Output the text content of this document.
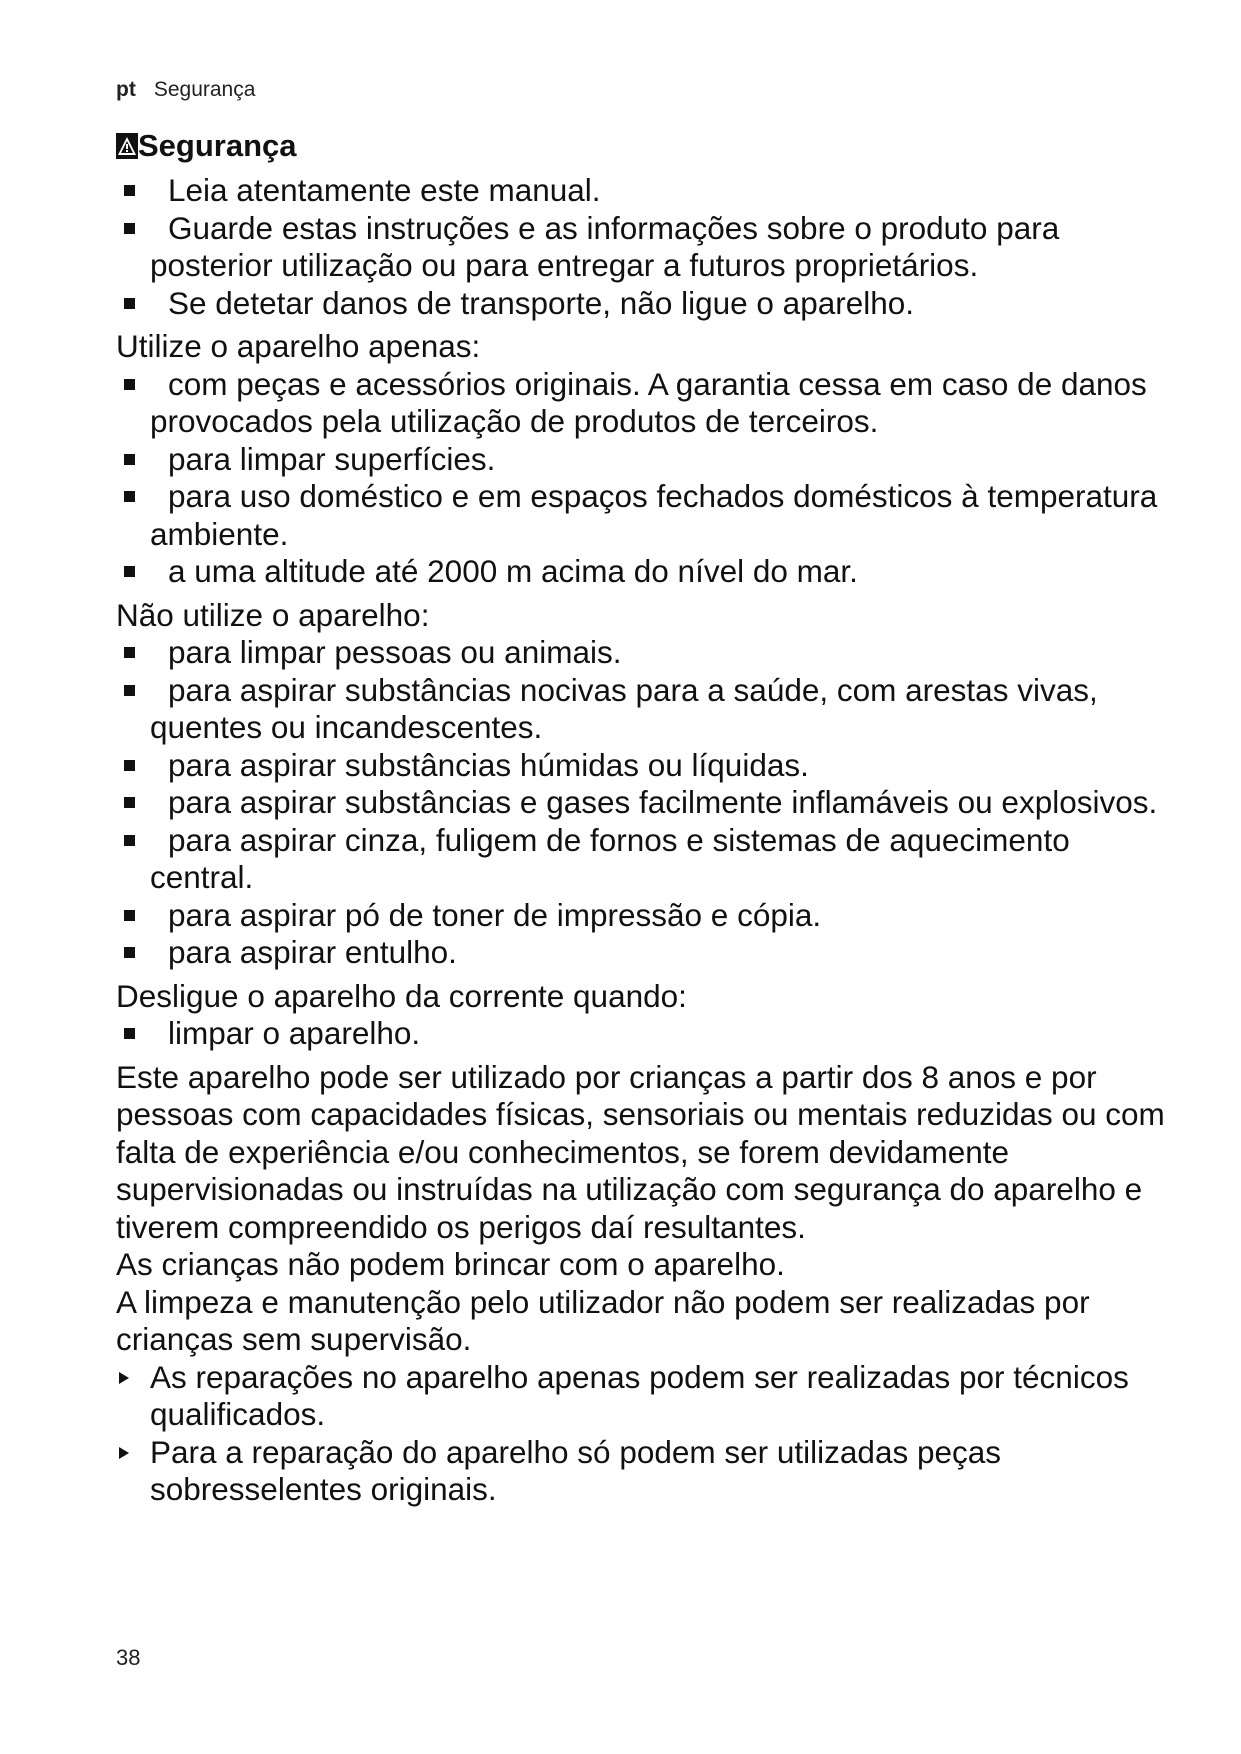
pt Segurança
Segurança
Leia atentamente este manual.
Guarde estas instruções e as informações sobre o produto para posterior utilização ou para entregar a futuros proprietários.
Se detetar danos de transporte, não ligue o aparelho.

Utilize o aparelho apenas:

com peças e acessórios originais. A garantia cessa em caso de danos provocados pela utilização de produtos de terceiros.
para limpar superfícies.
para uso doméstico e em espaços fechados domésticos à temperatura ambiente.
a uma altitude até 2000 m acima do nível do mar.

Não utilize o aparelho:

para limpar pessoas ou animais.
para aspirar substâncias nocivas para a saúde, com arestas vivas, quentes ou incandescentes.
para aspirar substâncias húmidas ou líquidas.
para aspirar substâncias e gases facilmente inflamáveis ou explosivos.
para aspirar cinza, fuligem de fornos e sistemas de aquecimento central.
para aspirar pó de toner de impressão e cópia.
para aspirar entulho.

Desligue o aparelho da corrente quando:

limpar o aparelho.

Este aparelho pode ser utilizado por crianças a partir dos 8 anos e por pessoas com capacidades físicas, sensoriais ou mentais reduzidas ou com falta de experiência e/ou conhecimentos, se forem devidamente supervisionadas ou instruídas na utilização com segurança do aparelho e tiverem compreendido os perigos daí resultantes.

As crianças não podem brincar com o aparelho.

A limpeza e manutenção pelo utilizador não podem ser realizadas por crianças sem supervisão.

As reparações no aparelho apenas podem ser realizadas por técnicos qualificados.
Para a reparação do aparelho só podem ser utilizadas peças sobresselentes originais.
38
